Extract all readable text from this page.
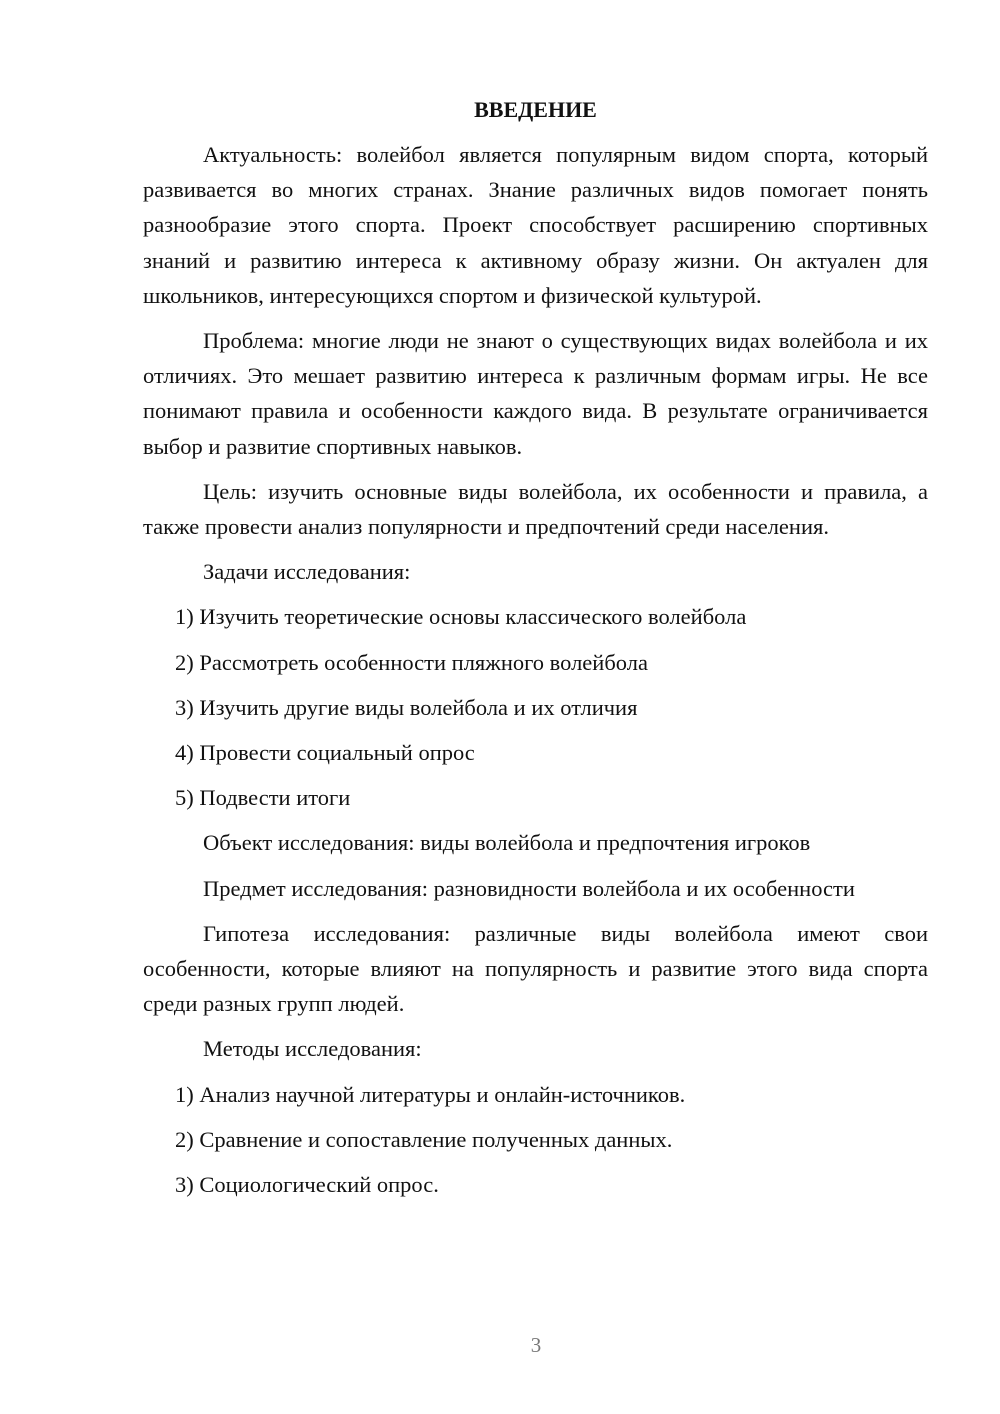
ВВЕДЕНИЕ

Актуальность: волейбол является популярным видом спорта, который развивается во многих странах. Знание различных видов помогает понять разнообразие этого спорта. Проект способствует расширению спортивных знаний и развитию интереса к активному образу жизни. Он актуален для школьников, интересующихся спортом и физической культурой.

Проблема: многие люди не знают о существующих видах волейбола и их отличиях. Это мешает развитию интереса к различным формам игры. Не все понимают правила и особенности каждого вида. В результате ограничивается выбор и развитие спортивных навыков.

Цель: изучить основные виды волейбола, их особенности и правила, а также провести анализ популярности и предпочтений среди населения.

Задачи исследования:

1) Изучить теоретические основы классического волейбола
2) Рассмотреть особенности пляжного волейбола
3) Изучить другие виды волейбола и их отличия
4) Провести социальный опрос
5) Подвести итоги

Объект исследования: виды волейбола и предпочтения игроков

Предмет исследования: разновидности волейбола и их особенности

Гипотеза исследования: различные виды волейбола имеют свои особенности, которые влияют на популярность и развитие этого вида спорта среди разных групп людей.

Методы исследования:

1) Анализ научной литературы и онлайн-источников.
2) Сравнение и сопоставление полученных данных.
3) Социологический опрос.
3
